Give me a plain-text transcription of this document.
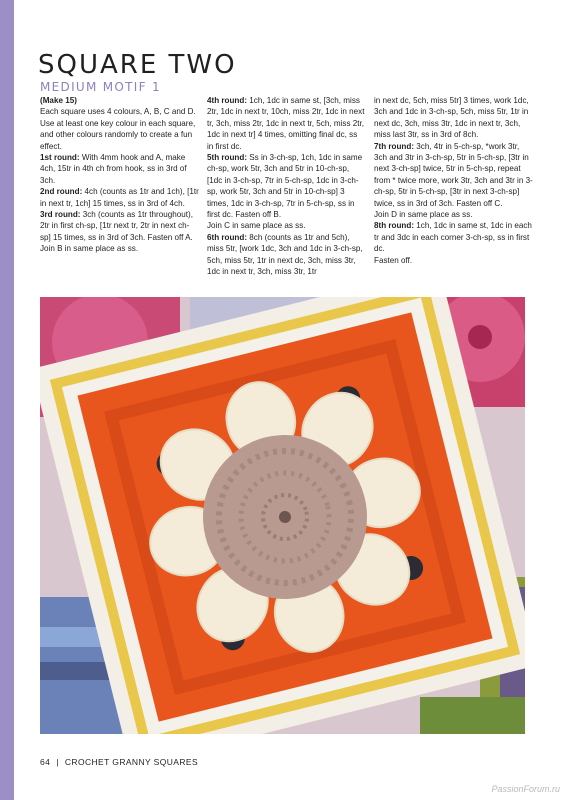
SQUARE TWO
MEDIUM MOTIF 1

(Make 15)

Each square uses 4 colours, A, B, C and D. Use at least one key colour in each square, and other colours randomly to create a fun effect.

1st round: With 4mm hook and A, make 4ch, 15tr in 4th ch from hook, ss in 3rd of 3ch.

2nd round: 4ch (counts as 1tr and 1ch), [1tr in next tr, 1ch] 15 times, ss in 3rd of 4ch.

3rd round: 3ch (counts as 1tr throughout), 2tr in first ch-sp, [1tr next tr, 2tr in next ch-sp] 15 times, ss in 3rd of 3ch. Fasten off A.

Join B in same place as ss.

4th round: 1ch, 1dc in same st, [3ch, miss 2tr, 1dc in next tr, 10ch, miss 2tr, 1dc in next tr, 3ch, miss 2tr, 1dc in next tr, 5ch, miss 2tr, 1dc in next tr] 4 times, omitting final dc, ss in first dc.

5th round: Ss in 3-ch-sp, 1ch, 1dc in same ch-sp, work 5tr, 3ch and 5tr in 10-ch-sp, [1dc in 3-ch-sp, 7tr in 5-ch-sp, 1dc in 3-ch-sp, work 5tr, 3ch and 5tr in 10-ch-sp] 3 times, 1dc in 3-ch-sp, 7tr in 5-ch-sp, ss in first dc. Fasten off B.

Join C in same place as ss.

6th round: 8ch (counts as 1tr and 5ch), miss 5tr, [work 1dc, 3ch and 1dc in 3-ch-sp, 5ch, miss 5tr, 1tr in next dc, 3ch, miss 3tr, 1dc in next tr, 3ch, miss 3tr, 1tr

in next dc, 5ch, miss 5tr] 3 times, work 1dc, 3ch and 1dc in 3-ch-sp, 5ch, miss 5tr, 1tr in next dc, 3ch, miss 3tr, 1dc in next tr, 3ch, miss last 3tr, ss in 3rd of 8ch.

7th round: 3ch, 4tr in 5-ch-sp, *work 3tr, 3ch and 3tr in 3-ch-sp, 5tr in 5-ch-sp, [3tr in next 3-ch-sp] twice, 5tr in 5-ch-sp, repeat from * twice more, work 3tr, 3ch and 3tr in 3-ch-sp, 5tr in 5-ch-sp, [3tr in next 3-ch-sp] twice, ss in 3rd of 3ch. Fasten off C.

Join D in same place as ss.

8th round: 1ch, 1dc in same st, 1dc in each tr and 3dc in each corner 3-ch-sp, ss in first dc.

Fasten off.

64 | CROCHET GRANNY SQUARES
PassionForum.ru
